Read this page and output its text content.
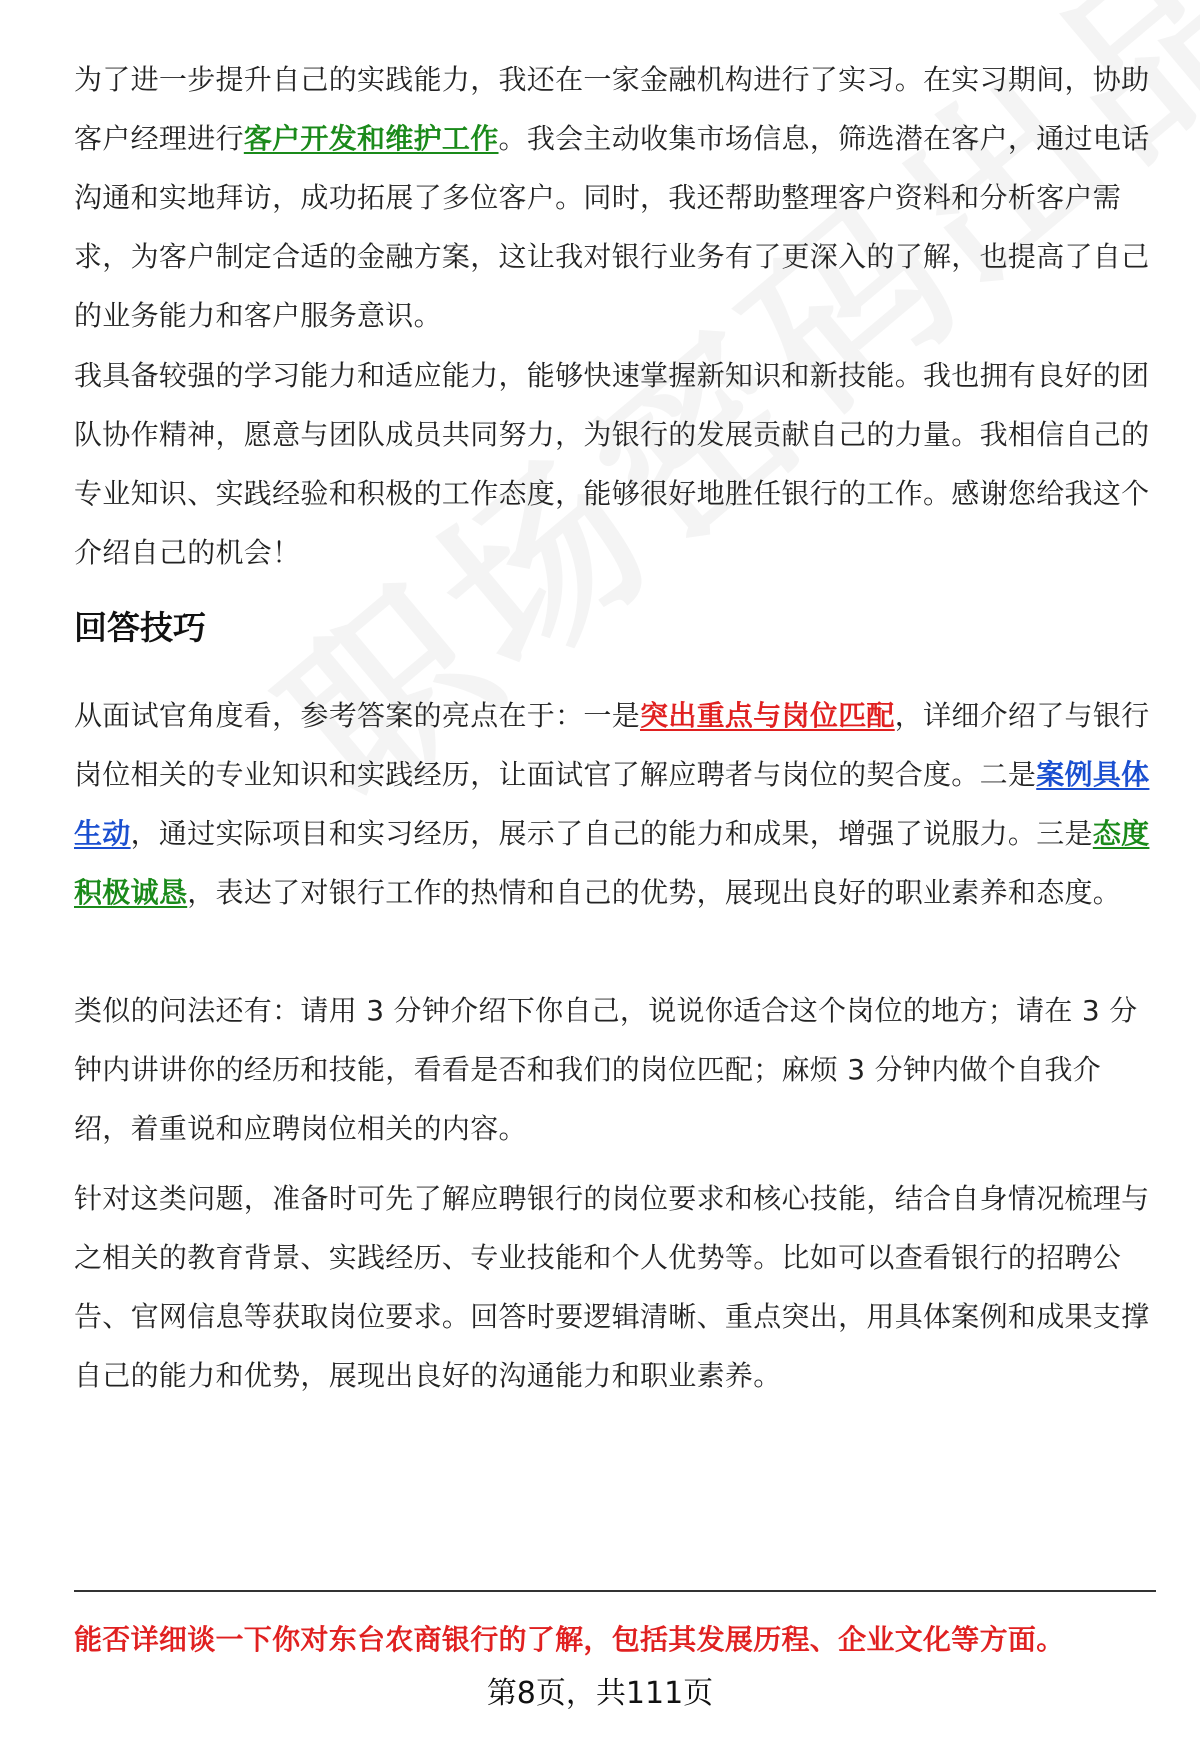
为了进一步提升自己的实践能力，我还在一家金融机构进行了实习。在实习期间，协助客户经理进行客户开发和维护工作。我会主动收集市场信息，筛选潜在客户，通过电话沟通和实地拜访，成功拓展了多位客户。同时，我还帮助整理客户资料和分析客户需求，为客户制定合适的金融方案，这让我对银行业务有了更深入的了解，也提高了自己的业务能力和客户服务意识。

我具备较强的学习能力和适应能力，能够快速掌握新知识和新技能。我也拥有良好的团队协作精神，愿意与团队成员共同努力，为银行的发展贡献自己的力量。我相信自己的专业知识、实践经验和积极的工作态度，能够很好地胜任银行的工作。感谢您给我这个介绍自己的机会！

回答技巧

从面试官角度看，参考答案的亮点在于：一是突出重点与岗位匹配，详细介绍了与银行岗位相关的专业知识和实践经历，让面试官了解应聘者与岗位的契合度。二是案例具体生动，通过实际项目和实习经历，展示了自己的能力和成果，增强了说服力。三是态度积极诚恳，表达了对银行工作的热情和自己的优势，展现出良好的职业素养和态度。

类似的问法还有：请用 3 分钟介绍下你自己，说说你适合这个岗位的地方；请在 3 分钟内讲讲你的经历和技能，看看是否和我们的岗位匹配；麻烦 3 分钟内做个自我介绍，着重说和应聘岗位相关的内容。

针对这类问题，准备时可先了解应聘银行的岗位要求和核心技能，结合自身情况梳理与之相关的教育背景、实践经历、专业技能和个人优势等。比如可以查看银行的招聘公告、官网信息等获取岗位要求。回答时要逻辑清晰、重点突出，用具体案例和成果支撑自己的能力和优势，展现出良好的沟通能力和职业素养。

能否详细谈一下你对东台农商银行的了解，包括其发展历程、企业文化等方面。
第8页，共111页
